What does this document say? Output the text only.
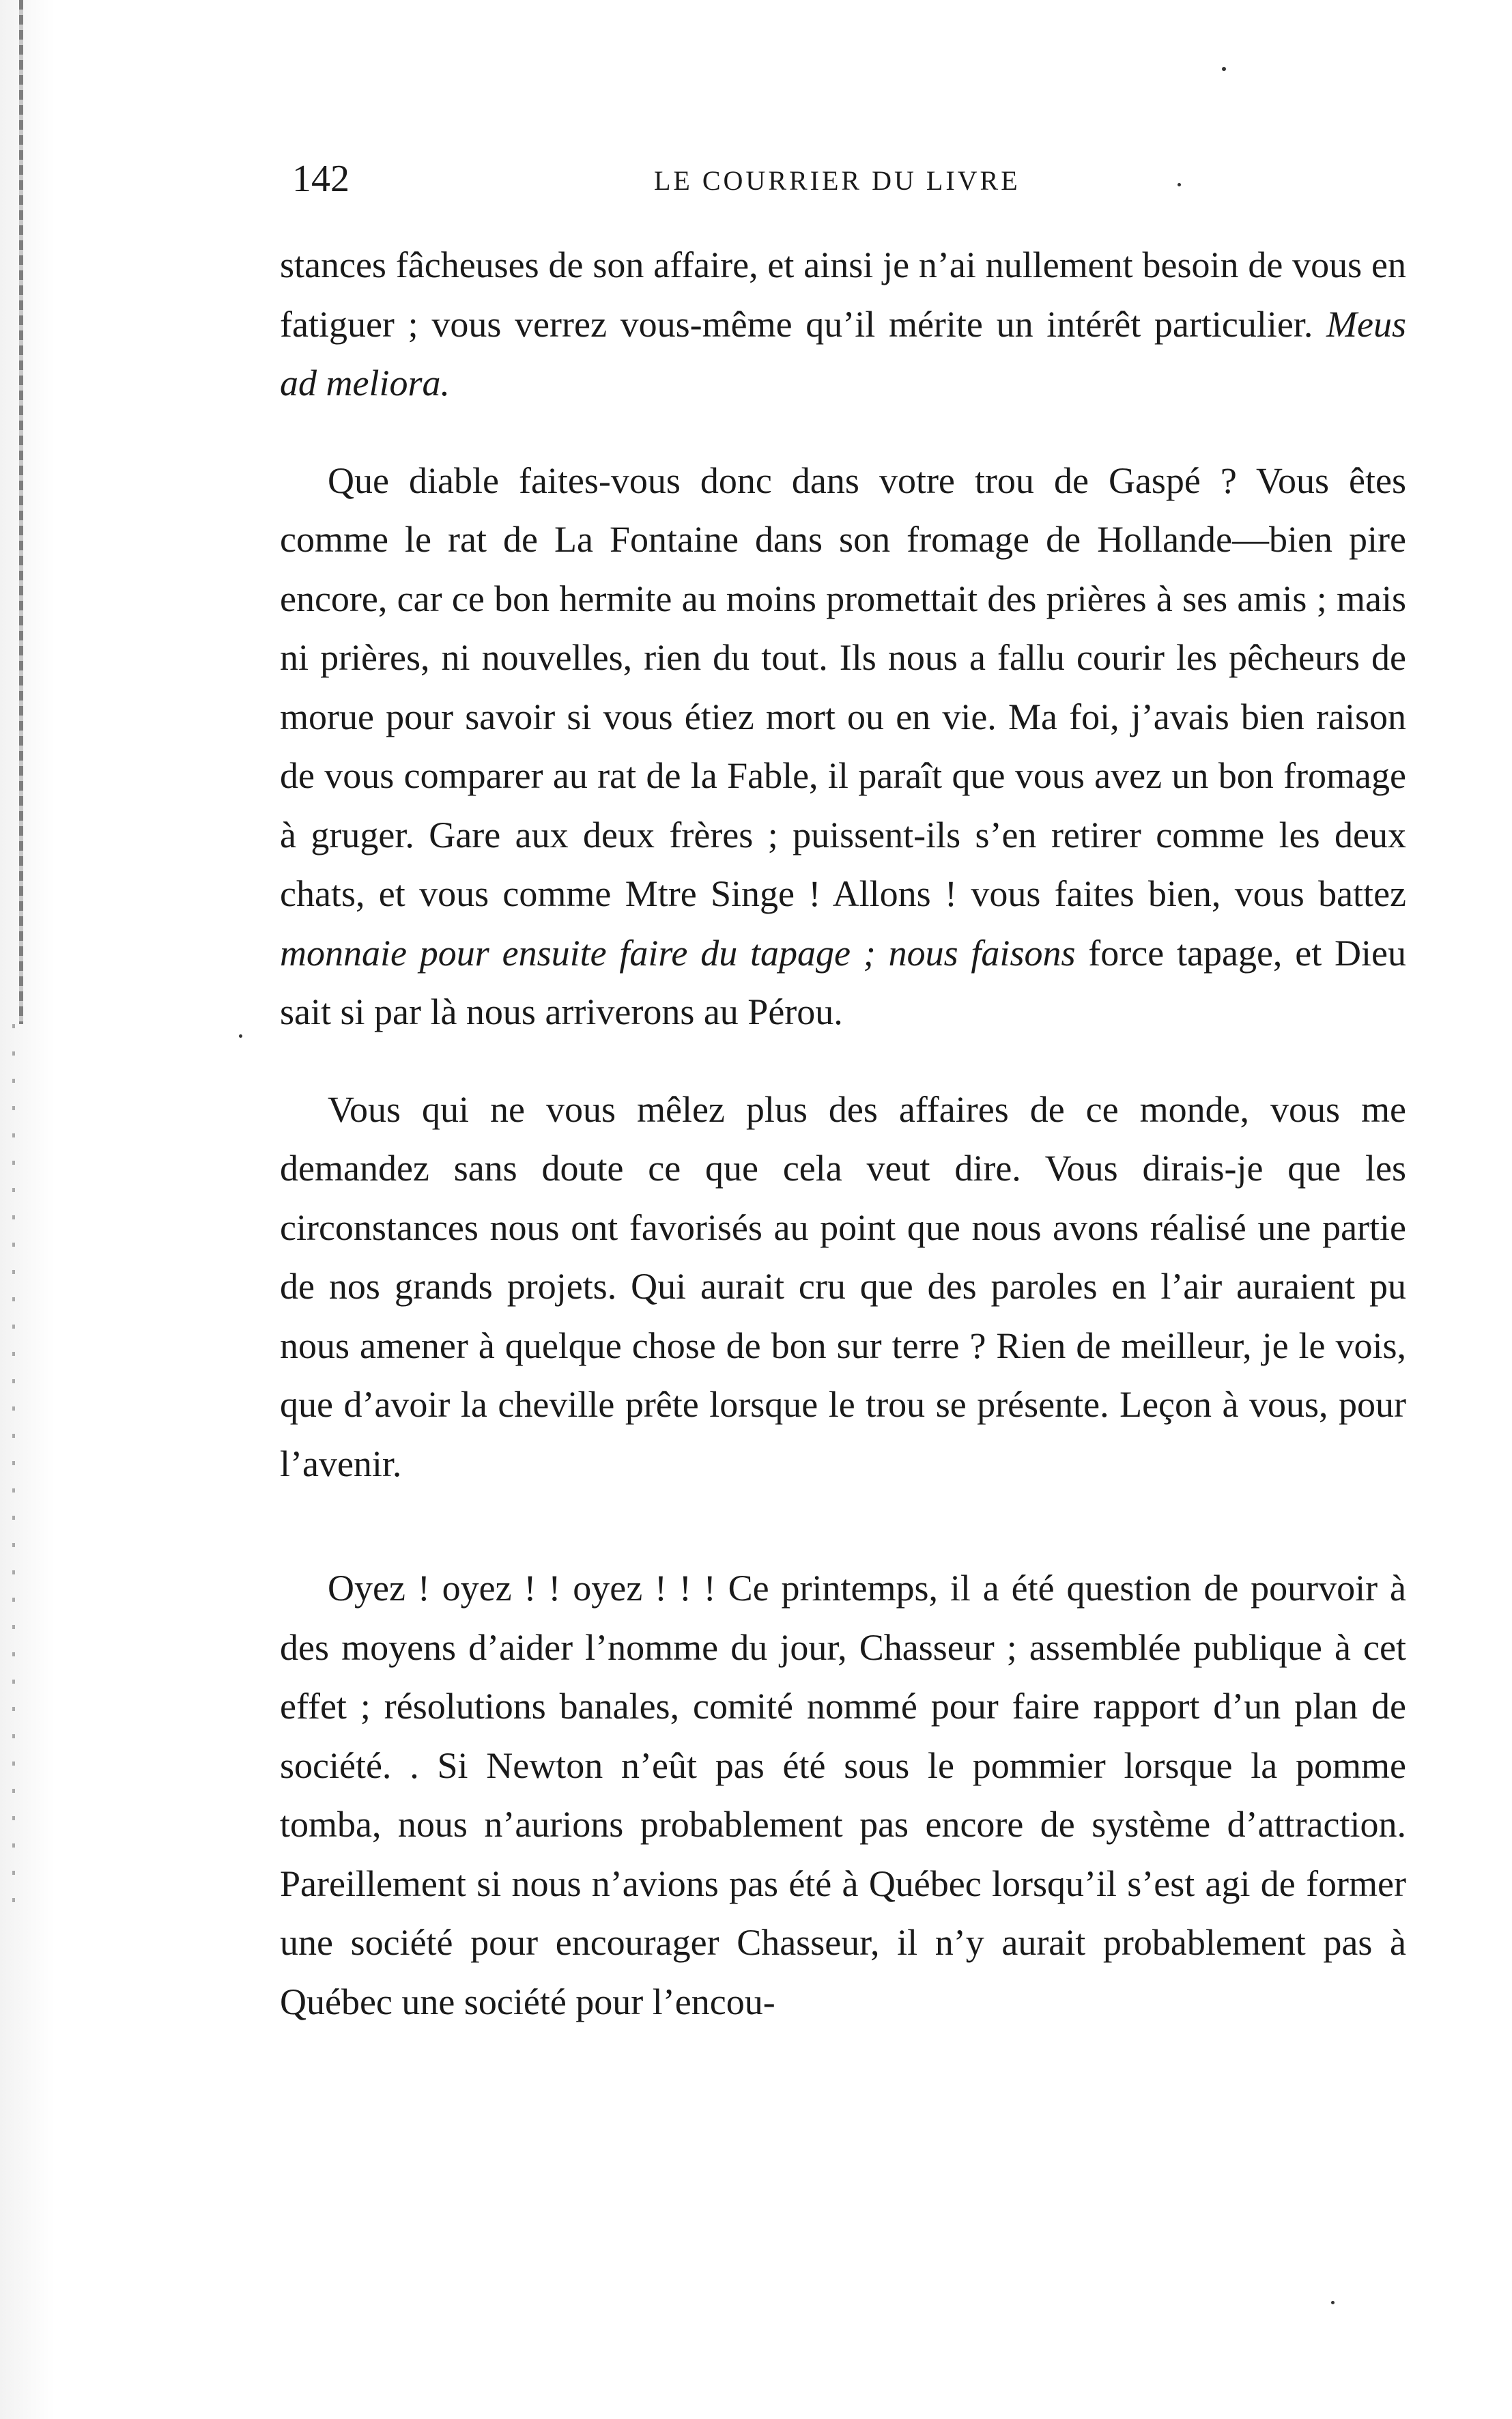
142	LE COURRIER DU LIVRE

stances fâcheuses de son affaire, et ainsi je n’ai nullement besoin de vous en fatiguer ; vous verrez vous-même qu’il mérite un intérêt particulier. Meus ad meliora.

Que diable faites-vous donc dans votre trou de Gaspé ? Vous êtes comme le rat de La Fontaine dans son fromage de Hollande—bien pire encore, car ce bon hermite au moins promettait des prières à ses amis ; mais ni prières, ni nouvelles, rien du tout. Ils nous a fallu courir les pêcheurs de morue pour savoir si vous étiez mort ou en vie. Ma foi, j’avais bien raison de vous comparer au rat de la Fable, il paraît que vous avez un bon fromage à gruger. Gare aux deux frères ; puissent-ils s’en retirer comme les deux chats, et vous comme Mtre Singe ! Allons ! vous faites bien, vous battez monnaie pour ensuite faire du tapage ; nous faisons force tapage, et Dieu sait si par là nous arriverons au Pérou.

Vous qui ne vous mêlez plus des affaires de ce monde, vous me demandez sans doute ce que cela veut dire. Vous dirais-je que les circonstances nous ont favorisés au point que nous avons réalisé une partie de nos grands projets. Qui aurait cru que des paroles en l’air auraient pu nous amener à quelque chose de bon sur terre ? Rien de meilleur, je le vois, que d’avoir la cheville prête lorsque le trou se présente. Leçon à vous, pour l’avenir.

Oyez ! oyez ! ! oyez ! ! ! Ce printemps, il a été question de pourvoir à des moyens d’aider l’nomme du jour, Chasseur ; assemblée publique à cet effet ; résolutions banales, comité nommé pour faire rapport d’un plan de société. . Si Newton n’eût pas été sous le pommier lorsque la pomme tomba, nous n’aurions probablement pas encore de système d’attraction. Pareillement si nous n’avions pas été à Québec lorsqu’il s’est agi de former une société pour encourager Chasseur, il n’y aurait probablement pas à Québec une société pour l’encou-
